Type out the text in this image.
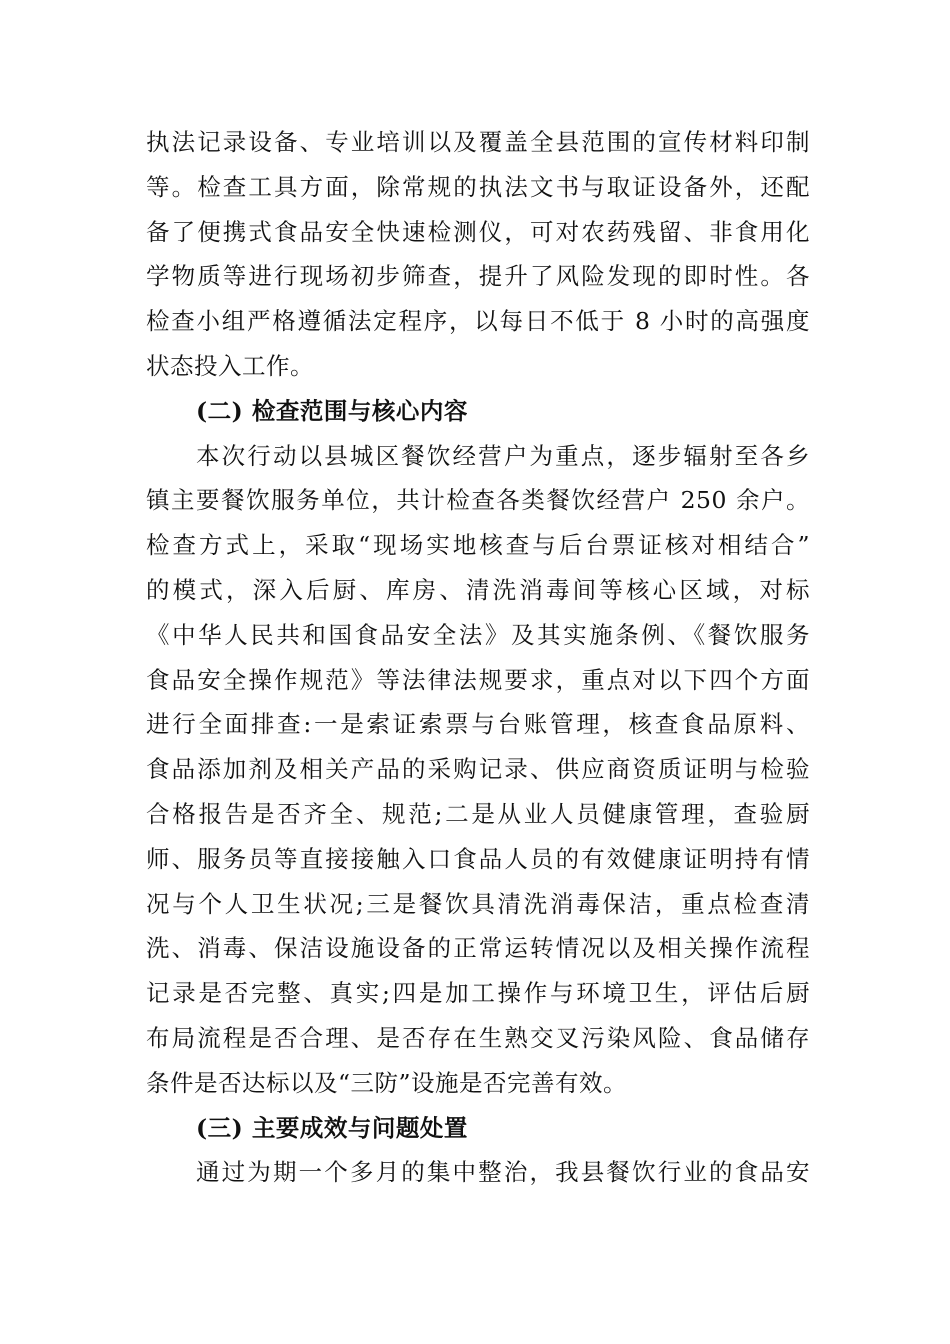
执法记录设备、专业培训以及覆盖全县范围的宣传材料印制
等。检查工具方面，除常规的执法文书与取证设备外，还配
备了便携式食品安全快速检测仪，可对农药残留、非食用化
学物质等进行现场初步筛查，提升了风险发现的即时性。各
检查小组严格遵循法定程序，以每日不低于 8 小时的高强度
状态投入工作。
(二) 检查范围与核心内容
本次行动以县城区餐饮经营户为重点，逐步辐射至各乡
镇主要餐饮服务单位，共计检查各类餐饮经营户 250 余户。
检查方式上，采取“现场实地核查与后台票证核对相结合”
的模式，深入后厨、库房、清洗消毒间等核心区域，对标
《中华人民共和国食品安全法》及其实施条例、《餐饮服务
食品安全操作规范》等法律法规要求，重点对以下四个方面
进行全面排查:一是索证索票与台账管理，核查食品原料、
食品添加剂及相关产品的采购记录、供应商资质证明与检验
合格报告是否齐全、规范;二是从业人员健康管理，查验厨
师、服务员等直接接触入口食品人员的有效健康证明持有情
况与个人卫生状况;三是餐饮具清洗消毒保洁，重点检查清
洗、消毒、保洁设施设备的正常运转情况以及相关操作流程
记录是否完整、真实;四是加工操作与环境卫生，评估后厨
布局流程是否合理、是否存在生熟交叉污染风险、食品储存
条件是否达标以及“三防”设施是否完善有效。
(三) 主要成效与问题处置
通过为期一个多月的集中整治，我县餐饮行业的食品安
